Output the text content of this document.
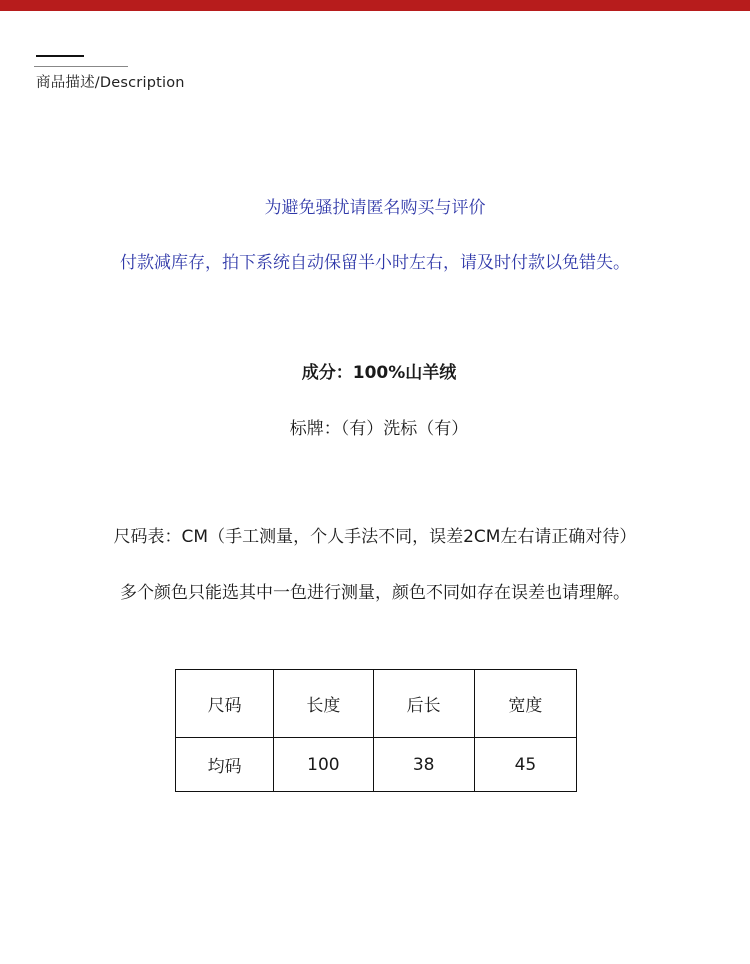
商品描述/Description
为避免骚扰请匿名购买与评价
付款减库存，拍下系统自动保留半小时左右，请及时付款以免错失。
成分：100%山羊绒
标牌：（有）洗标（有）
尺码表：CM（手工测量，个人手法不同，误差2CM左右请正确对待）
多个颜色只能选其中一色进行测量，颜色不同如存在误差也请理解。
尺码	长度	后长	宽度
均码	100	38	45
